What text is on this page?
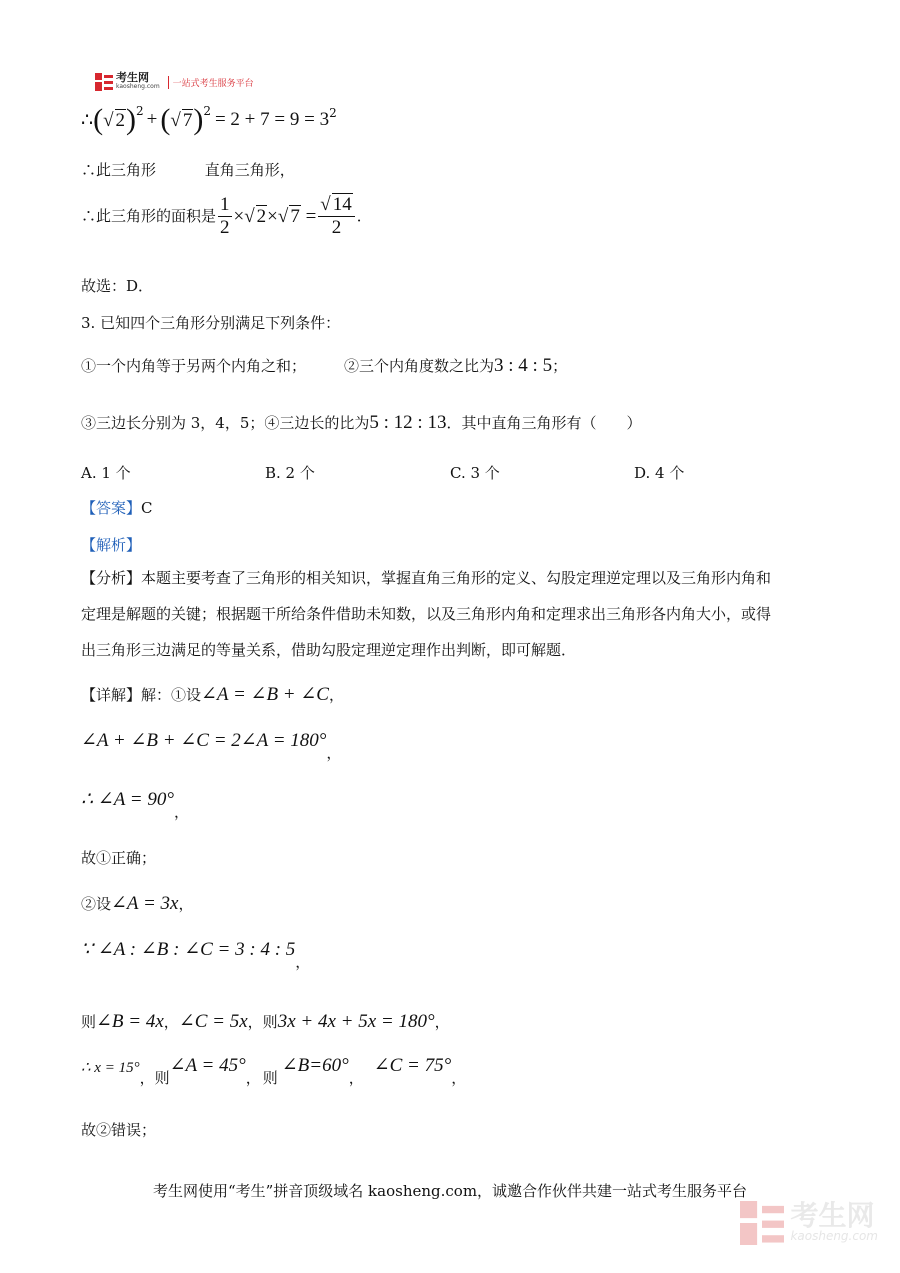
考生网
kaosheng.com	一站式考生服务平台
∴ ( √ 2 )$^2$ + ( √ 7 )$^2 = 2 + 7 = 9 = 3^2$
∴此三角形	直角三角形，
∴此三角形的面积是 $\frac{1}{2}$ ×√ 2×√ $7 = \frac{√ 14}{2}$ ．
故选：D．
3. 已知四个三角形分别满足下列条件：
①一个内角等于另两个内角之和；	②三个内角度数之比为 3 : 4 : 5 ；
③三边长分别为 3，4，5；④三边长的比为 5 : 12 : 13 ．其中直角三角形有（　　）
A. 1 个	B. 2 个	C. 3 个	D. 4 个
【答案】C
【解析】
【分析】本题主要考查了三角形的相关知识，掌握直角三角形的定义、勾股定理逆定理以及三角形内角和
定理是解题的关键；根据题干所给条件借助未知数，以及三角形内角和定理求出三角形各内角大小，或得
出三角形三边满足的等量关系，借助勾股定理逆定理作出判断，即可解题．
【详解】解：①设 ∠A = ∠B + ∠C ，
∠A + ∠B + ∠C = 2∠A = 180°
，
∴ ∠A = 90°
，
故①正确；
②设 ∠A = 3x ，
∵ ∠A : ∠B : ∠C = 3 : 4 : 5
，
则 ∠B = 4x ， ∠C = 5x ，则 3x + 4x + 5x = 180° ，
∴ x = 15°
，则
∠A = 45°
， 则
∠B=60°
，
∠C = 75°
，
故②错误；
考生网使用“考生”拼音顶级域名 kaosheng.com，诚邀合作伙伴共建一站式考生服务平台
考生网
kaosheng.com
